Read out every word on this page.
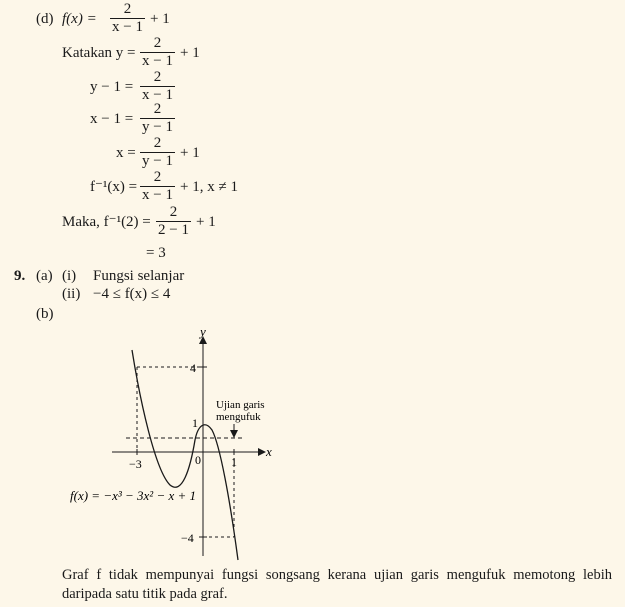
(d) f(x) =
2
x − 1 + 1
Katakan y =
2
x − 1 + 1
y − 1 =
2
x − 1
x − 1 =
2
y − 1
x =
2
y − 1 + 1
f⁻¹(x) =
2
x − 1 + 1, x ≠ 1
Maka, f⁻¹(2) =
2
2 − 1 + 1
= 3
9. (a) (i) Fungsi selanjar
(ii) −4 ≤ f(x) ≤ 4
(b)
y
x
4
1
−4
−3	0	1
Ujian garis
mengufuk
f(x) = −x³ − 3x² − x + 1
Graf f tidak mempunyai fungsi songsang kerana ujian garis mengufuk memotong lebih daripada satu titik pada graf.
